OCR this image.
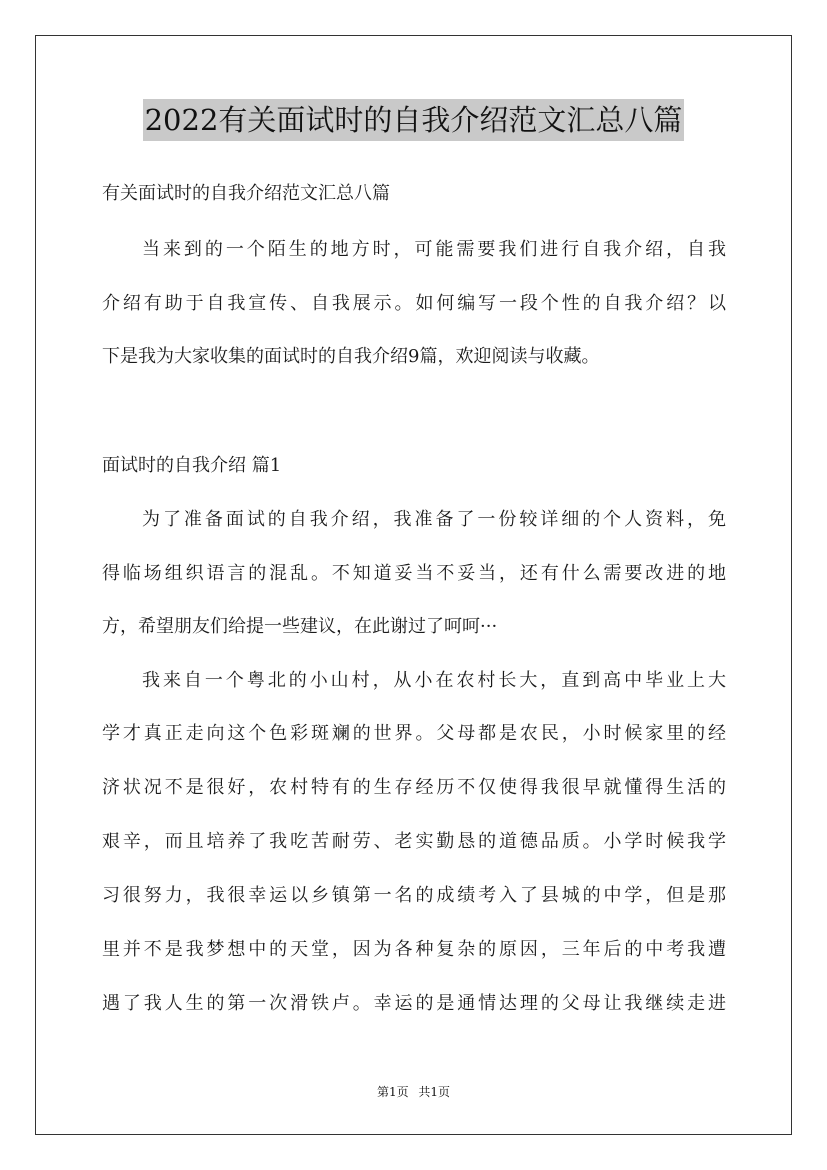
2022有关面试时的自我介绍范文汇总八篇
有关面试时的自我介绍范文汇总八篇
当来到的一个陌生的地方时，可能需要我们进行自我介绍，自我
介绍有助于自我宣传、自我展示。如何编写一段个性的自我介绍？以
下是我为大家收集的面试时的自我介绍9篇，欢迎阅读与收藏。
面试时的自我介绍 篇1
为了准备面试的自我介绍，我准备了一份较详细的个人资料，免
得临场组织语言的混乱。不知道妥当不妥当，还有什么需要改进的地
方，希望朋友们给提一些建议，在此谢过了呵呵···
我来自一个粤北的小山村，从小在农村长大，直到高中毕业上大
学才真正走向这个色彩斑斓的世界。父母都是农民，小时候家里的经
济状况不是很好，农村特有的生存经历不仅使得我很早就懂得生活的
艰辛，而且培养了我吃苦耐劳、老实勤恳的道德品质。小学时候我学
习很努力，我很幸运以乡镇第一名的成绩考入了县城的中学，但是那
里并不是我梦想中的天堂，因为各种复杂的原因，三年后的中考我遭
遇了我人生的第一次滑铁卢。幸运的是通情达理的父母让我继续走进
第1页 共1页
